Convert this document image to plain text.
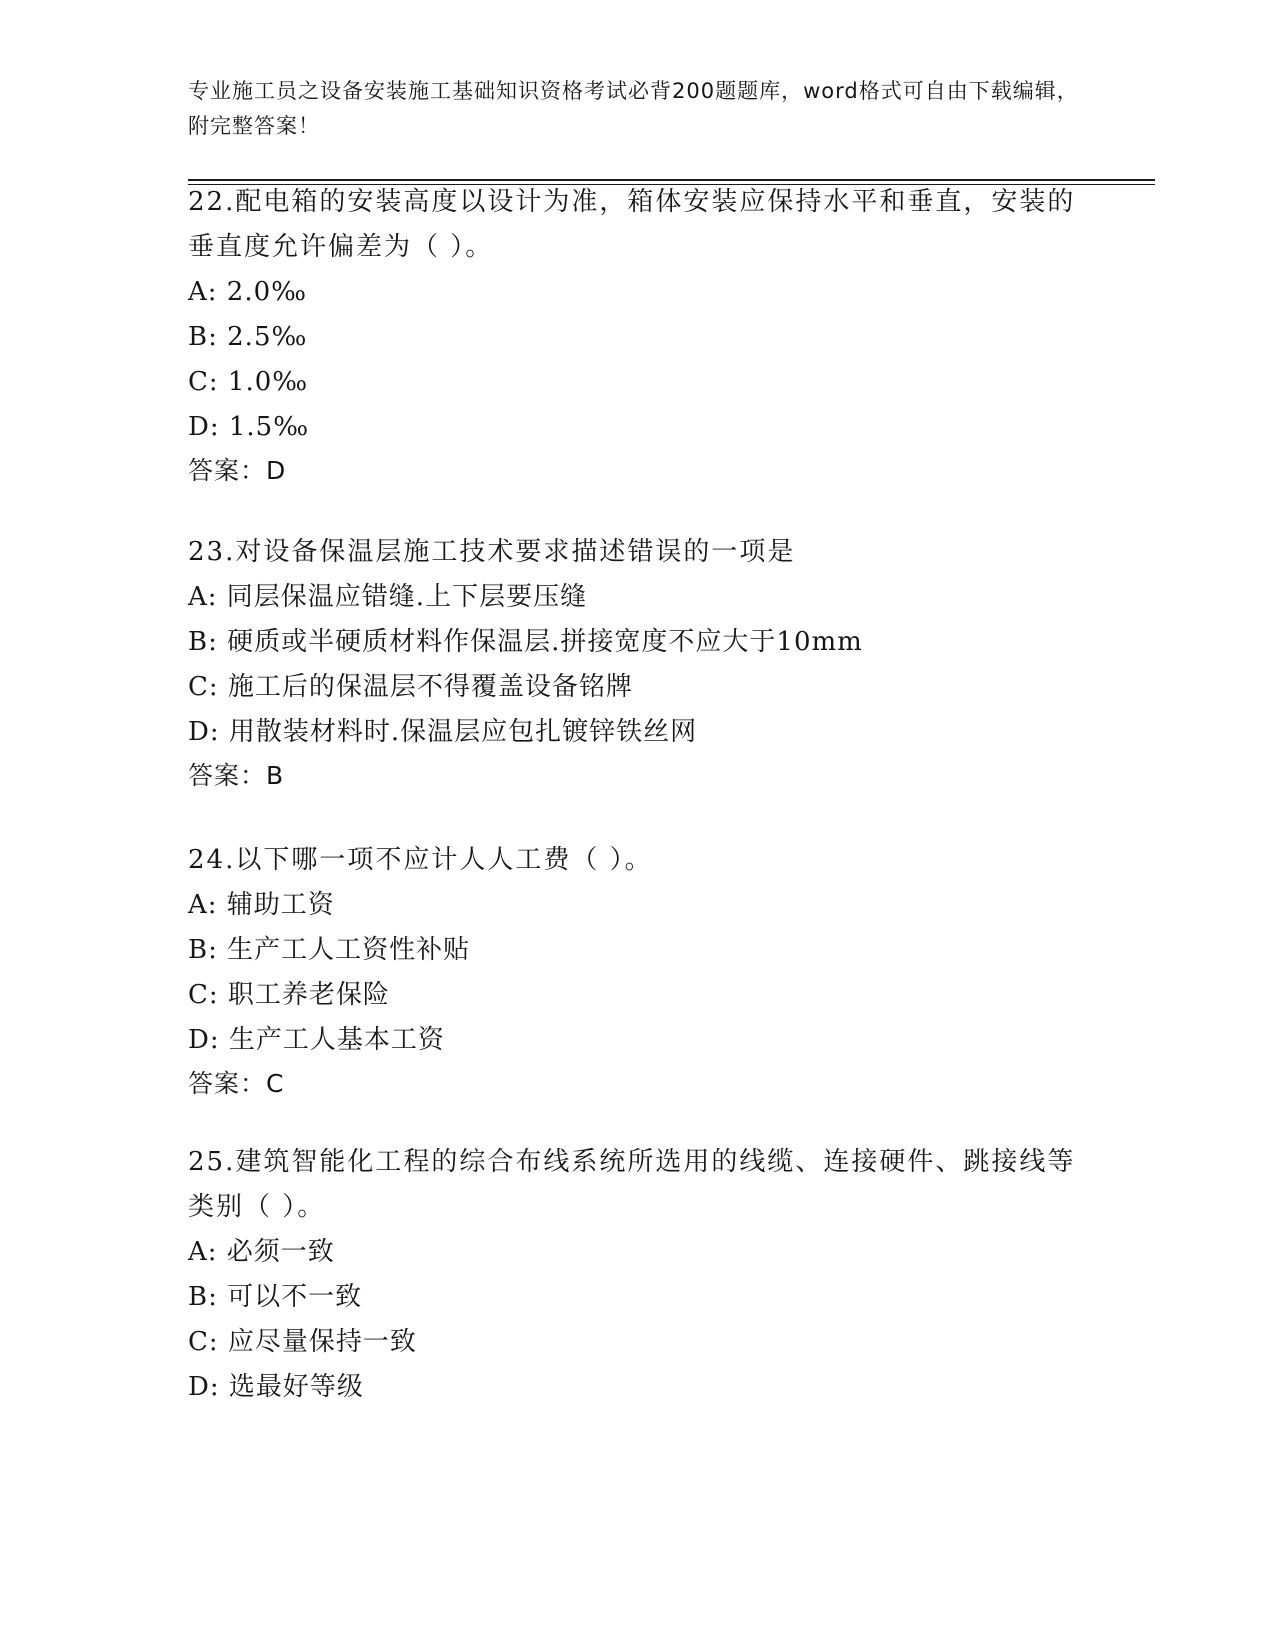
专业施工员之设备安装施工基础知识资格考试必背200题题库，word格式可自由下载编辑，附完整答案！

22.配电箱的安装高度以设计为准，箱体安装应保持水平和垂直，安装的垂直度允许偏差为（ ）。

A: 2.0‰

B: 2.5‰

C: 1.0‰

D: 1.5‰

答案：D

23.对设备保温层施工技术要求描述错误的一项是

A: 同层保温应错缝.上下层要压缝

B: 硬质或半硬质材料作保温层.拼接宽度不应大于10mm

C: 施工后的保温层不得覆盖设备铭牌

D: 用散装材料时.保温层应包扎镀锌铁丝网

答案：B

24.以下哪一项不应计人人工费（ ）。

A: 辅助工资

B: 生产工人工资性补贴

C: 职工养老保险

D: 生产工人基本工资

答案：C

25.建筑智能化工程的综合布线系统所选用的线缆、连接硬件、跳接线等类别（ ）。

A: 必须一致

B: 可以不一致

C: 应尽量保持一致

D: 选最好等级
